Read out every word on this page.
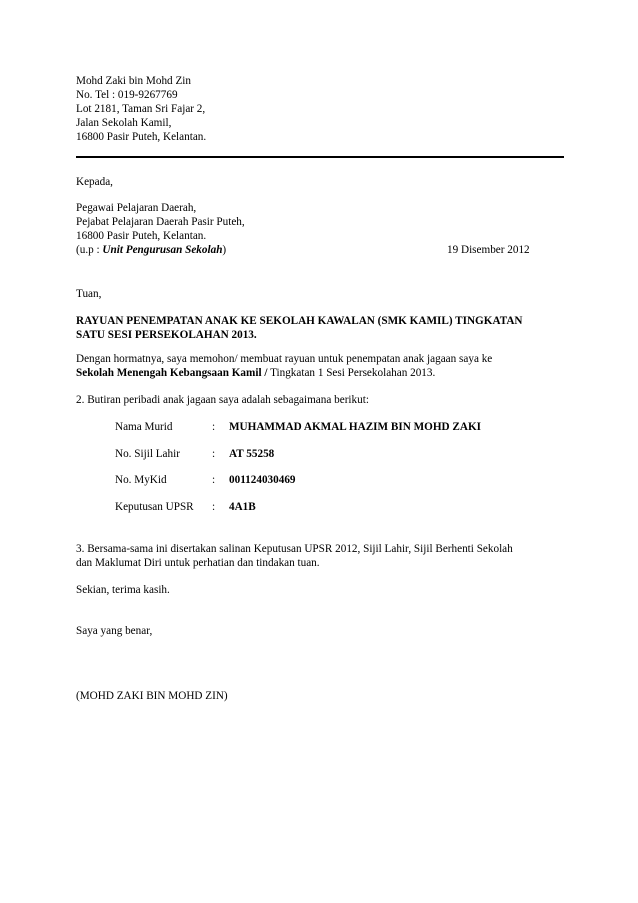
Mohd Zaki bin Mohd Zin
No. Tel : 019-9267769
Lot 2181, Taman Sri Fajar 2,
Jalan Sekolah Kamil,
16800 Pasir Puteh, Kelantan.
Kepada,
Pegawai Pelajaran Daerah,
Pejabat Pelajaran Daerah Pasir Puteh,
16800 Pasir Puteh, Kelantan.
(u.p : Unit Pengurusan Sekolah)	19 Disember 2012
Tuan,
RAYUAN PENEMPATAN ANAK KE SEKOLAH KAWALAN (SMK KAMIL) TINGKATAN
SATU SESI PERSEKOLAHAN 2013.
Dengan hormatnya, saya memohon/ membuat rayuan untuk penempatan anak jagaan saya ke
Sekolah Menengah Kebangsaan Kamil / Tingkatan 1 Sesi Persekolahan 2013.
2. Butiran peribadi anak jagaan saya adalah sebagaimana berikut:
Nama Murid	: MUHAMMAD AKMAL HAZIM BIN MOHD ZAKI
No. Sijil Lahir	: AT 55258
No. MyKid	: 001124030469
Keputusan UPSR : 4A1B
3. Bersama-sama ini disertakan salinan Keputusan UPSR 2012, Sijil Lahir, Sijil Berhenti Sekolah
dan Maklumat Diri untuk perhatian dan tindakan tuan.
Sekian, terima kasih.
Saya yang benar,
(MOHD ZAKI BIN MOHD ZIN)
